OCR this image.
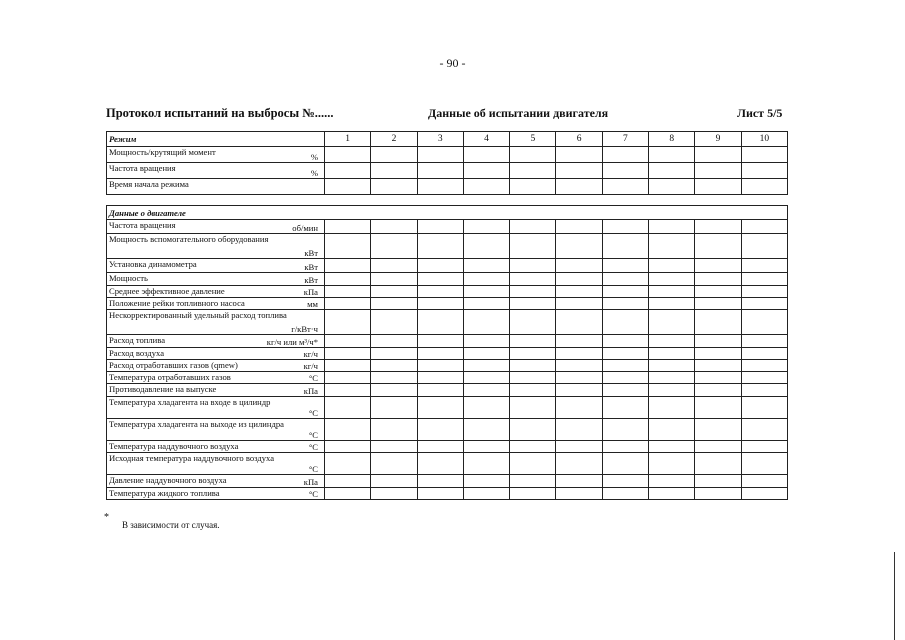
- 90 -
Протокол испытаний на выбросы №......	Данные об испытании двигателя	Лист 5/5
Режим	1	2	3	4	5	6	7	8	9	10

Мощность/крутящий момент %										

Частота вращения %										

Время начала режима										

Данные о двигателе										

Частота вращения об/мин										

Мощность вспомогательного оборудования
кВт										

Установка динамометра кВт										

Мощность кВт										

Среднее эффективное давление кПа										

Положение рейки топливного насоса мм										

Нескорректированный удельный расход топлива
г/кВт·ч										

Расход топлива кг/ч или м³/ч*										

Расход воздуха кг/ч										

Расход отработавших газов (qmew) кг/ч										

Температура отработавших газов °C										

Противодавление на выпуске кПа										

Температура хладагента на входе в цилиндр
°C										

Температура хладагента на выходе из цилиндра
°C										

Температура наддувочного воздуха °C										

Исходная температура наддувочного воздуха
°C										

Давление наддувочного воздуха кПа										

Температура жидкого топлива °C										

*
В зависимости от случая.
